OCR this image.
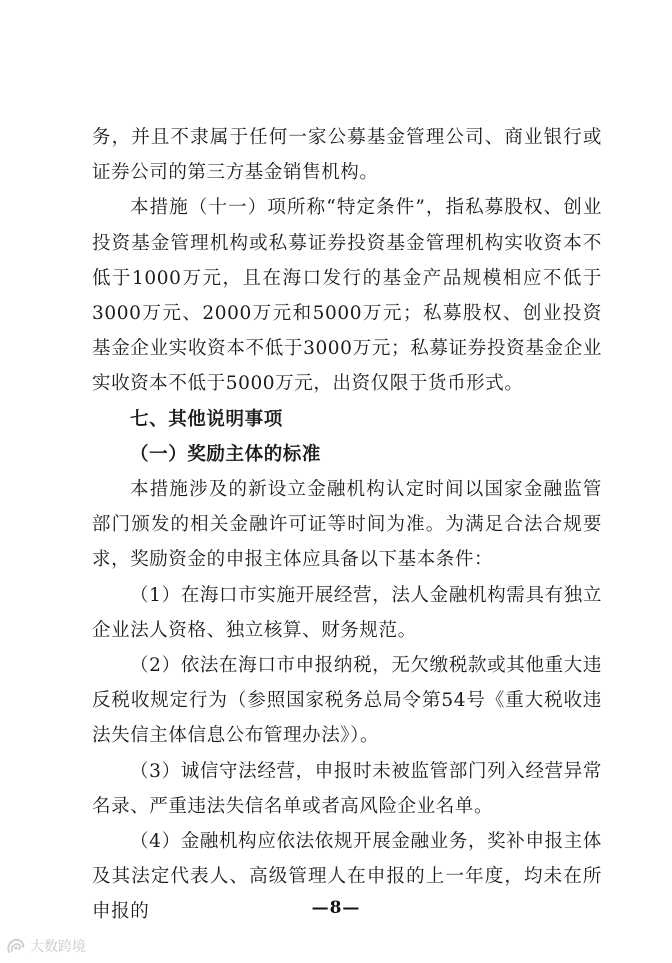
务，并且不隶属于任何一家公募基金管理公司、商业银行或证券公司的第三方基金销售机构。

本措施（十一）项所称“特定条件”，指私募股权、创业投资基金管理机构或私募证券投资基金管理机构实收资本不低于1000万元，且在海口发行的基金产品规模相应不低于3000万元、2000万元和5000万元；私募股权、创业投资基金企业实收资本不低于3000万元；私募证券投资基金企业实收资本不低于5000万元，出资仅限于货币形式。

七、其他说明事项

（一）奖励主体的标准

本措施涉及的新设立金融机构认定时间以国家金融监管部门颁发的相关金融许可证等时间为准。为满足合法合规要求，奖励资金的申报主体应具备以下基本条件：

（1）在海口市实施开展经营，法人金融机构需具有独立企业法人资格、独立核算、财务规范。

（2）依法在海口市申报纳税，无欠缴税款或其他重大违反税收规定行为（参照国家税务总局令第54号《重大税收违法失信主体信息公布管理办法》）。

（3）诚信守法经营，申报时未被监管部门列入经营异常名录、严重违法失信名单或者高风险企业名单。

（4）金融机构应依法依规开展金融业务，奖补申报主体及其法定代表人、高级管理人在申报的上一年度，均未在所申报的	—8—
大数跨境
